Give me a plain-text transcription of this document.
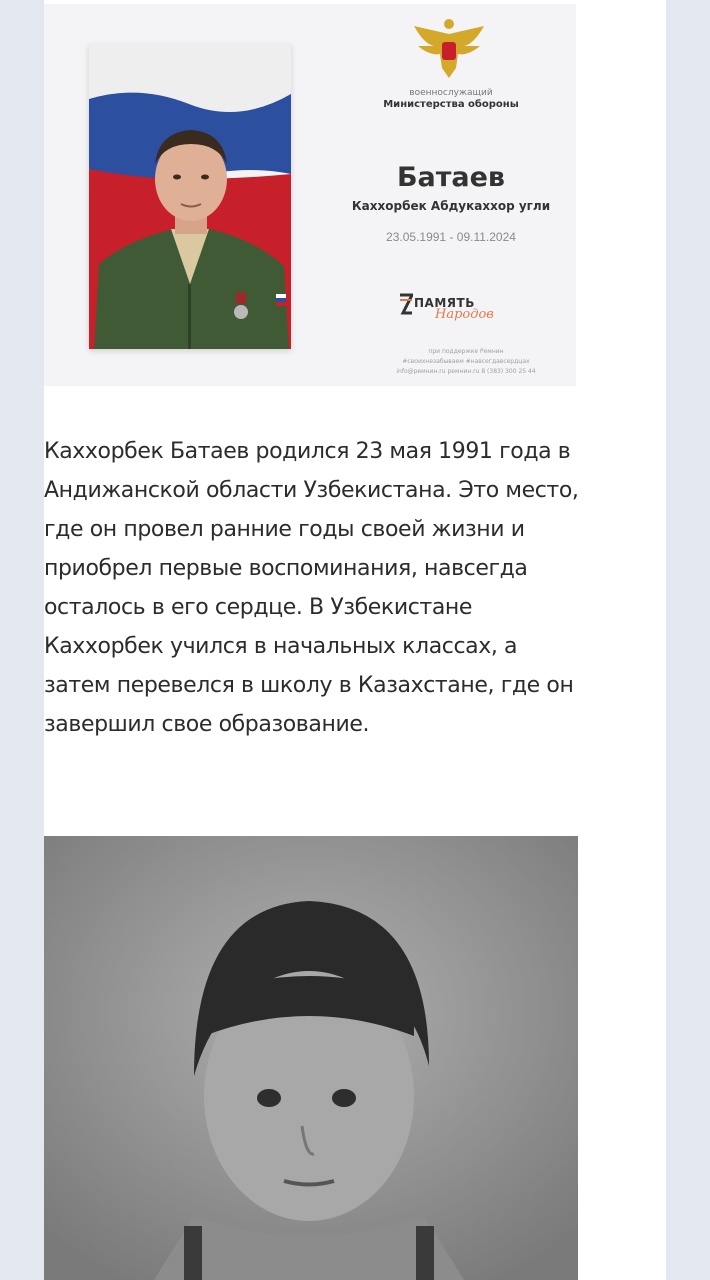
военнослужащий
Министерства обороны
Батаев
Каххорбек Абдукаххор угли
23.05.1991 - 09.11.2024
ПАМЯТЬ
Народов
при поддержке Ремнин
#своихнезабываем #навсегдавсердцах
info@ремнин.ru ремнин.ru 8 (383) 300 25 44
Каххорбек Батаев родился 23 мая 1991 года в Андижанской области Узбекистана. Это место, где он провел ранние годы своей жизни и приобрел первые воспоминания, навсегда осталось в его сердце. В Узбекистане Каххорбек учился в начальных классах, а затем перевелся в школу в Казахстане, где он завершил свое образование.
